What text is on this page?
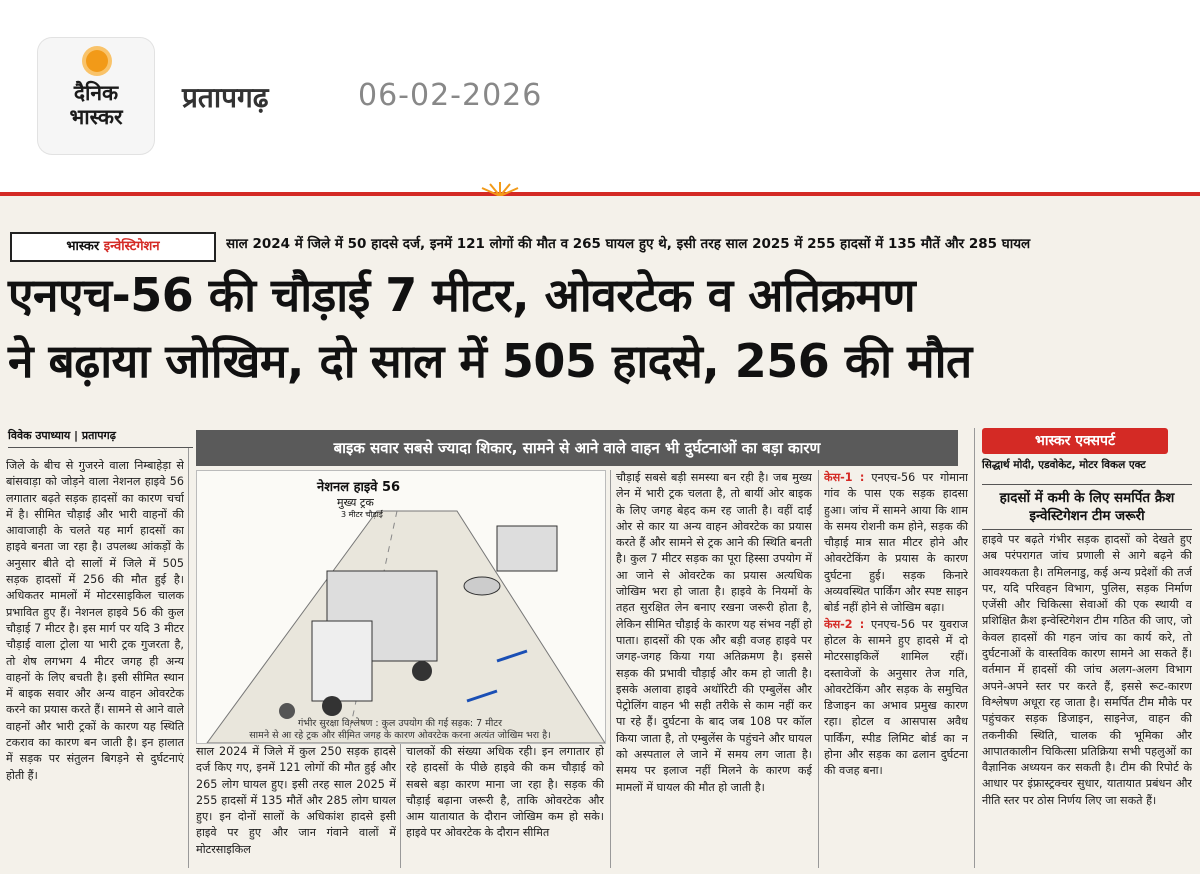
दैनिक
भास्कर
प्रतापगढ़	06-02-2026
भास्कर इन्वेस्टिगेशन	साल 2024 में जिले में 50 हादसे दर्ज, इनमें 121 लोगों की मौत व 265 घायल हुए थे, इसी तरह साल 2025 में 255 हादसों में 135 मौतें और 285 घायल
एनएच-56 की चौड़ाई 7 मीटर, ओवरटेक व अतिक्रमण
ने बढ़ाया जोखिम, दो साल में 505 हादसे, 256 की मौत
विवेक उपाध्याय | प्रतापगढ़
जिले के बीच से गुजरने वाला निम्बाहेड़ा से बांसवाड़ा को जोड़ने वाला नेशनल हाइवे 56 लगातार बढ़ते सड़क हादसों का कारण चर्चा में है। सीमित चौड़ाई और भारी वाहनों की आवाजाही के चलते यह मार्ग हादसों का हाइवे बनता जा रहा है। उपलब्ध आंकड़ों के अनुसार बीते दो सालों में जिले में 505 सड़क हादसों में 256 की मौत हुई है। अधिकतर मामलों में मोटरसाइकिल चालक प्रभावित हुए हैं। नेशनल हाइवे 56 की कुल चौड़ाई 7 मीटर है। इस मार्ग पर यदि 3 मीटर चौड़ाई वाला ट्रोला या भारी ट्रक गुजरता है, तो शेष लगभग 4 मीटर जगह ही अन्य वाहनों के लिए बचती है। इसी सीमित स्थान में बाइक सवार और अन्य वाहन ओवरटेक करने का प्रयास करते हैं। सामने से आने वाले वाहनों और भारी ट्रकों के कारण यह स्थिति टकराव का कारण बन जाती है। इन हालात में सड़क पर संतुलन बिगड़ने से दुर्घटनाएं होती हैं।
बाइक सवार सबसे ज्यादा शिकार, सामने से आने वाले वाहन भी दुर्घटनाओं का बड़ा कारण
नेशनल हाइवे 56
मुख्य ट्रक
3 मीटर चौड़ाई
गंभीर सुरक्षा विश्लेषण : कुल उपयोग की गई सड़क: 7 मीटर
सामने से आ रहे ट्रक और सीमित जगह के कारण ओवरटेक करना अत्यंत जोखिम भरा है।
साल 2024 में जिले में कुल 250 सड़क हादसे दर्ज किए गए, इनमें 121 लोगों की मौत हुई और 265 लोग घायल हुए। इसी तरह साल 2025 में 255 हादसों में 135 मौतें और 285 लोग घायल हुए। इन दोनों सालों के अधिकांश हादसे इसी हाइवे पर हुए और जान गंवाने वालों में मोटरसाइकिल
चालकों की संख्या अधिक रही। इन लगातार हो रहे हादसों के पीछे हाइवे की कम चौड़ाई को सबसे बड़ा कारण माना जा रहा है। सड़क की चौड़ाई बढ़ाना जरूरी है, ताकि ओवरटेक और आम यातायात के दौरान जोखिम कम हो सके। हाइवे पर ओवरटेक के दौरान सीमित
चौड़ाई सबसे बड़ी समस्या बन रही है। जब मुख्य लेन में भारी ट्रक चलता है, तो बायीं ओर बाइक के लिए जगह बेहद कम रह जाती है। वहीं दाईं ओर से कार या अन्य वाहन ओवरटेक का प्रयास करते हैं और सामने से ट्रक आने की स्थिति बनती है। कुल 7 मीटर सड़क का पूरा हिस्सा उपयोग में आ जाने से ओवरटेक का प्रयास अत्यधिक जोखिम भरा हो जाता है। हाइवे के नियमों के तहत सुरक्षित लेन बनाए रखना जरूरी होता है, लेकिन सीमित चौड़ाई के कारण यह संभव नहीं हो पाता। हादसों की एक और बड़ी वजह हाइवे पर जगह-जगह किया गया अतिक्रमण है। इससे सड़क की प्रभावी चौड़ाई और कम हो जाती है। इसके अलावा हाइवे अथॉरिटी की एम्बुलेंस और पेट्रोलिंग वाहन भी सही तरीके से काम नहीं कर पा रहे हैं। दुर्घटना के बाद जब 108 पर कॉल किया जाता है, तो एम्बुलेंस के पहुंचने और घायल को अस्पताल ले जाने में समय लग जाता है। समय पर इलाज नहीं मिलने के कारण कई मामलों में घायल की मौत हो जाती है।
केस-1 : एनएच-56 पर गोमाना गांव के पास एक सड़क हादसा हुआ। जांच में सामने आया कि शाम के समय रोशनी कम होने, सड़क की चौड़ाई मात्र सात मीटर होने और ओवरटेकिंग के प्रयास के कारण दुर्घटना हुई। सड़क किनारे अव्यवस्थित पार्किंग और स्पष्ट साइन बोर्ड नहीं होने से जोखिम बढ़ा।
केस-2 : एनएच-56 पर युवराज होटल के सामने हुए हादसे में दो मोटरसाइकिलें शामिल रहीं। दस्तावेजों के अनुसार तेज गति, ओवरटेकिंग और सड़क के समुचित डिजाइन का अभाव प्रमुख कारण रहा। होटल व आसपास अवैध पार्किंग, स्पीड लिमिट बोर्ड का न होना और सड़क का ढलान दुर्घटना की वजह बना।
भास्कर एक्सपर्ट
सिद्धार्थ मोदी, एडवोकेट, मोटर विकल एक्ट
हादसों में कमी के लिए समर्पित क्रैश इन्वेस्टिगेशन टीम जरूरी
हाइवे पर बढ़ते गंभीर सड़क हादसों को देखते हुए अब परंपरागत जांच प्रणाली से आगे बढ़ने की आवश्यकता है। तमिलनाडु, कई अन्य प्रदेशों की तर्ज पर, यदि परिवहन विभाग, पुलिस, सड़क निर्माण एजेंसी और चिकित्सा सेवाओं की एक स्थायी व प्रशिक्षित क्रैश इन्वेस्टिगेशन टीम गठित की जाए, जो केवल हादसों की गहन जांच का कार्य करे, तो दुर्घटनाओं के वास्तविक कारण सामने आ सकते हैं। वर्तमान में हादसों की जांच अलग-अलग विभाग अपने-अपने स्तर पर करते हैं, इससे रूट-कारण विश्लेषण अधूरा रह जाता है। समर्पित टीम मौके पर पहुंचकर सड़क डिजाइन, साइनेज, वाहन की तकनीकी स्थिति, चालक की भूमिका और आपातकालीन चिकित्सा प्रतिक्रिया सभी पहलुओं का वैज्ञानिक अध्ययन कर सकती है। टीम की रिपोर्ट के आधार पर इंफ्रास्ट्रक्चर सुधार, यातायात प्रबंधन और नीति स्तर पर ठोस निर्णय लिए जा सकते हैं।
